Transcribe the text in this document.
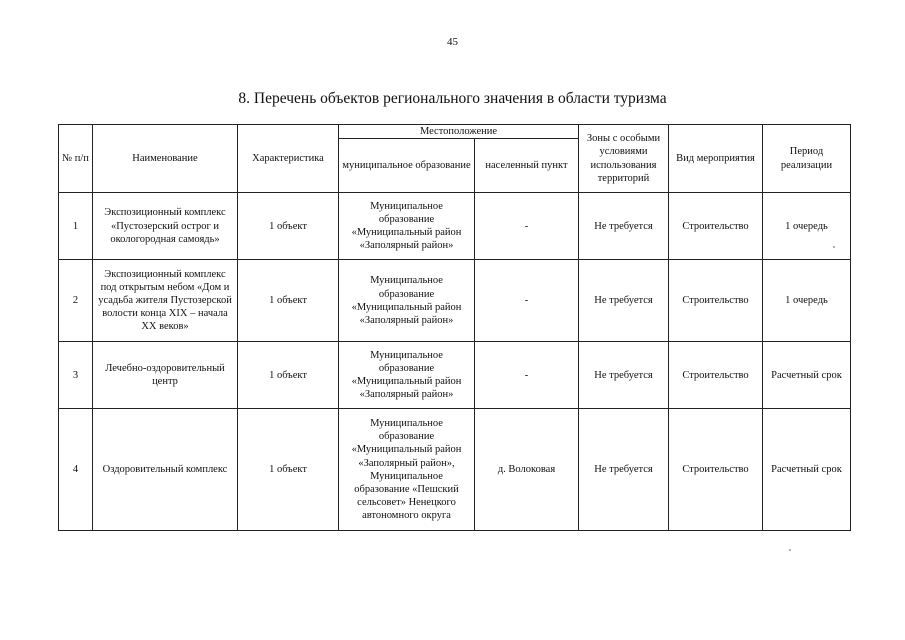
45
8. Перечень объектов регионального значения в области туризма
№ п/п	Наименование	Характеристика	Местоположение		Зоны с особыми условиями использования территорий	Вид мероприятия	Период реализации
			муниципальное образование	населенный пункт			
1	Экспозиционный комплекс «Пустозерский острог и окологородная самоядь»	1 объект	Муниципальное образование «Муниципальный район «Заполярный район»	-	Не требуется	Строительство	1 очередь
2	Экспозиционный комплекс под открытым небом «Дом и усадьба жителя Пустозерской волости конца XIX – начала XX веков»	1 объект	Муниципальное образование «Муниципальный район «Заполярный район»	-	Не требуется	Строительство	1 очередь
3	Лечебно-оздоровительный центр	1 объект	Муниципальное образование «Муниципальный район «Заполярный район»	-	Не требуется	Строительство	Расчетный срок
4	Оздоровительный комплекс	1 объект	Муниципальное образование «Муниципальный район «Заполярный район», Муниципальное образование «Пешский сельсовет» Ненецкого автономного округа	д. Волоковая	Не требуется	Строительство	Расчетный срок
